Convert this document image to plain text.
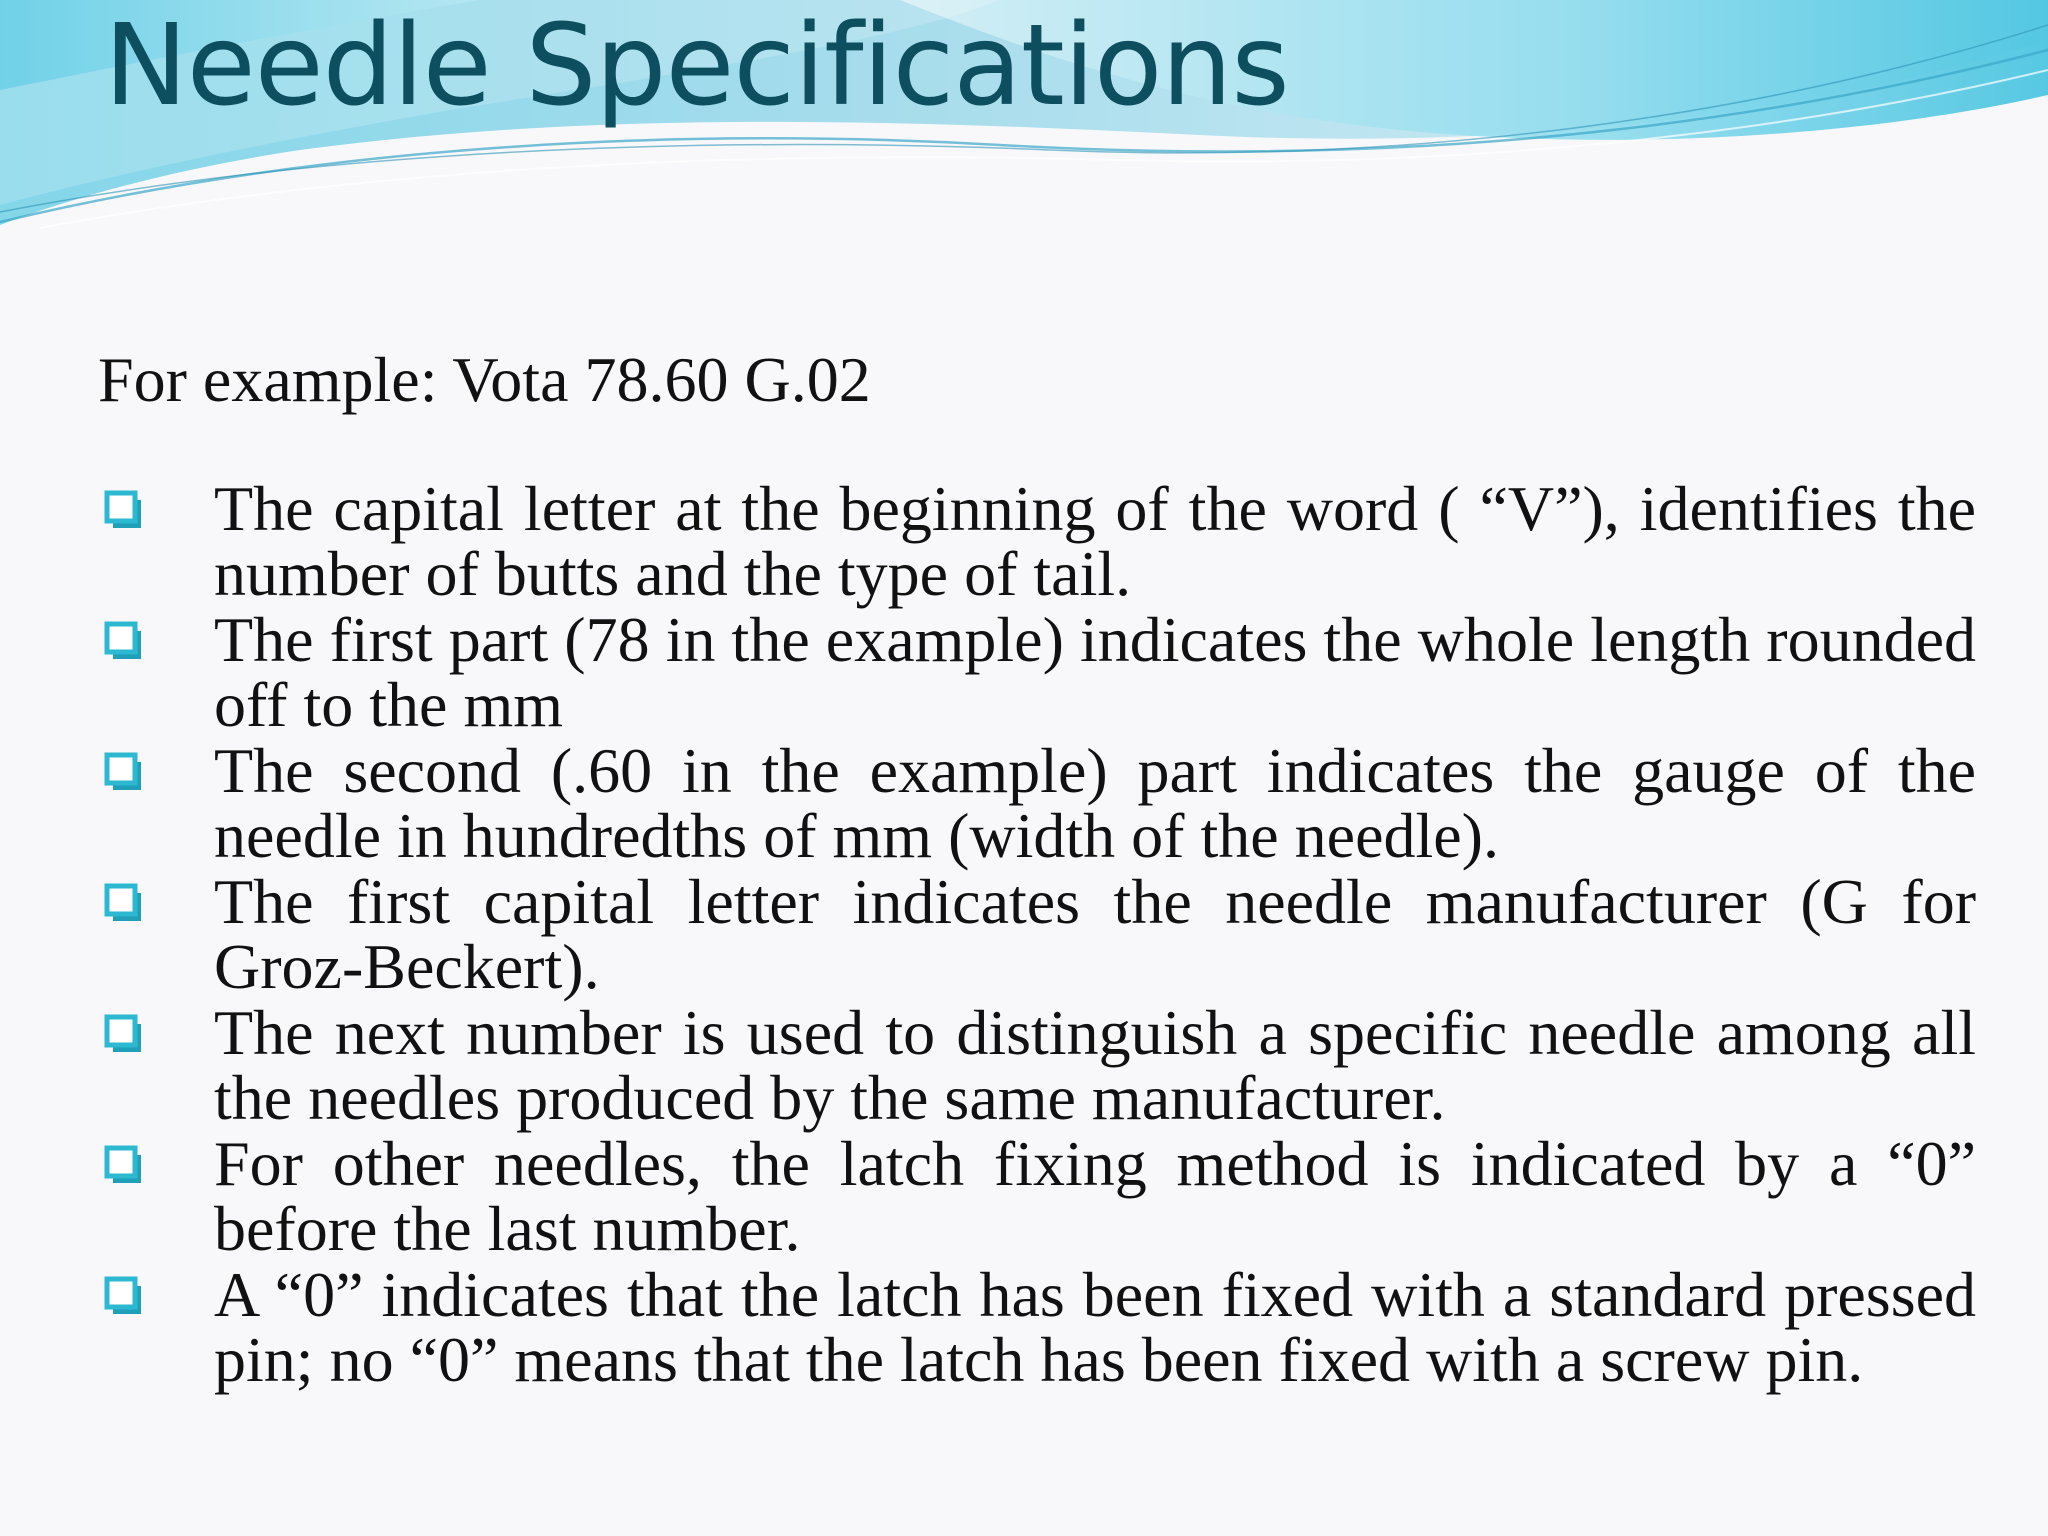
Needle Specifications

For example: Vota 78.60 G.02

The capital letter at the beginning of the word ( “V”), identifies the number of butts and the type of tail.
The first part (78 in the example) indicates the whole length rounded off to the mm
The second (.60 in the example) part indicates the gauge of the needle in hundredths of mm (width of the needle).
The first capital letter indicates the needle manufacturer (G for Groz-Beckert).
The next number is used to distinguish a specific needle among all the needles produced by the same manufacturer.
For other needles, the latch fixing method is indicated by a “0” before the last number.
A “0” indicates that the latch has been fixed with a standard pressed pin; no “0” means that the latch has been fixed with a screw pin.
